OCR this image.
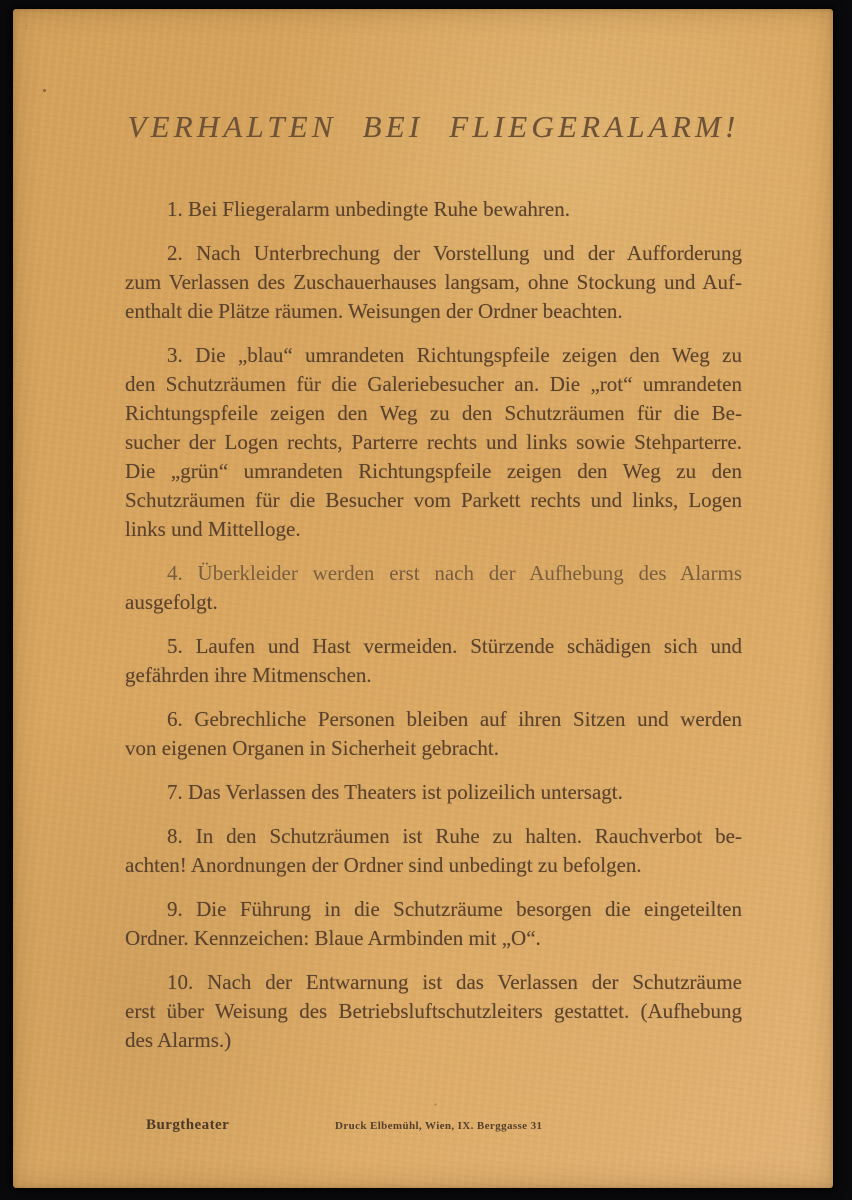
VERHALTEN BEI FLIEGERALARM!
1. Bei Fliegeralarm unbedingte Ruhe bewahren.
2. Nach Unterbrechung der Vorstellung und der Aufforderung
zum Verlassen des Zuschauerhauses langsam, ohne Stockung und Auf-
enthalt die Plätze räumen. Weisungen der Ordner beachten.
3. Die „blau“ umrandeten Richtungspfeile zeigen den Weg zu
den Schutzräumen für die Galeriebesucher an. Die „rot“ umrandeten
Richtungspfeile zeigen den Weg zu den Schutzräumen für die Be-
sucher der Logen rechts, Parterre rechts und links sowie Stehparterre.
Die „grün“ umrandeten Richtungspfeile zeigen den Weg zu den
Schutzräumen für die Besucher vom Parkett rechts und links, Logen
links und Mittelloge.
4. Überkleider werden erst nach der Aufhebung des Alarms
ausgefolgt.
5. Laufen und Hast vermeiden. Stürzende schädigen sich und
gefährden ihre Mitmenschen.
6. Gebrechliche Personen bleiben auf ihren Sitzen und werden
von eigenen Organen in Sicherheit gebracht.
7. Das Verlassen des Theaters ist polizeilich untersagt.
8. In den Schutzräumen ist Ruhe zu halten. Rauchverbot be-
achten! Anordnungen der Ordner sind unbedingt zu befolgen.
9. Die Führung in die Schutzräume besorgen die eingeteilten
Ordner. Kennzeichen: Blaue Armbinden mit „O“.
10. Nach der Entwarnung ist das Verlassen der Schutzräume
erst über Weisung des Betriebsluftschutzleiters gestattet. (Aufhebung
des Alarms.)
Burgtheater	Druck Elbemühl, Wien, IX. Berggasse 31
